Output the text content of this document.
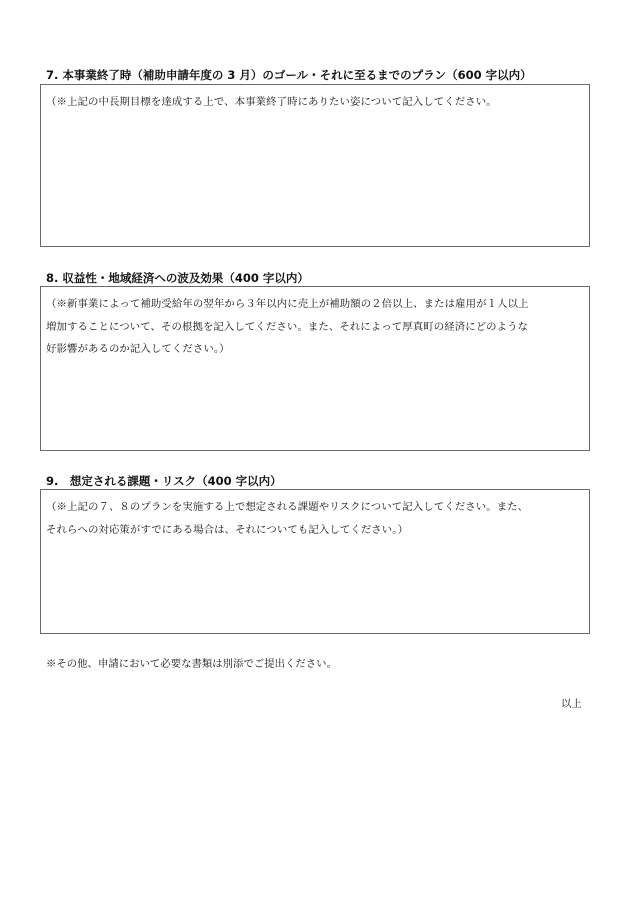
7. 本事業終了時（補助申請年度の 3 月）のゴール・それに至るまでのプラン（600 字以内）

（※上記の中長期目標を達成する上で、本事業終了時にありたい姿について記入してください。

8. 収益性・地域経済への波及効果（400 字以内）

（※新事業によって補助受給年の翌年から３年以内に売上が補助額の２倍以上、または雇用が１人以上
増加することについて、その根拠を記入してください。また、それによって厚真町の経済にどのような
好影響があるのか記入してください。）

9.　想定される課題・リスク（400 字以内）

（※上記の７、８のプランを実施する上で想定される課題やリスクについて記入してください。また、
それらへの対応策がすでにある場合は、それについても記入してください。）

※その他、申請において必要な書類は別添でご提出ください。
以上
